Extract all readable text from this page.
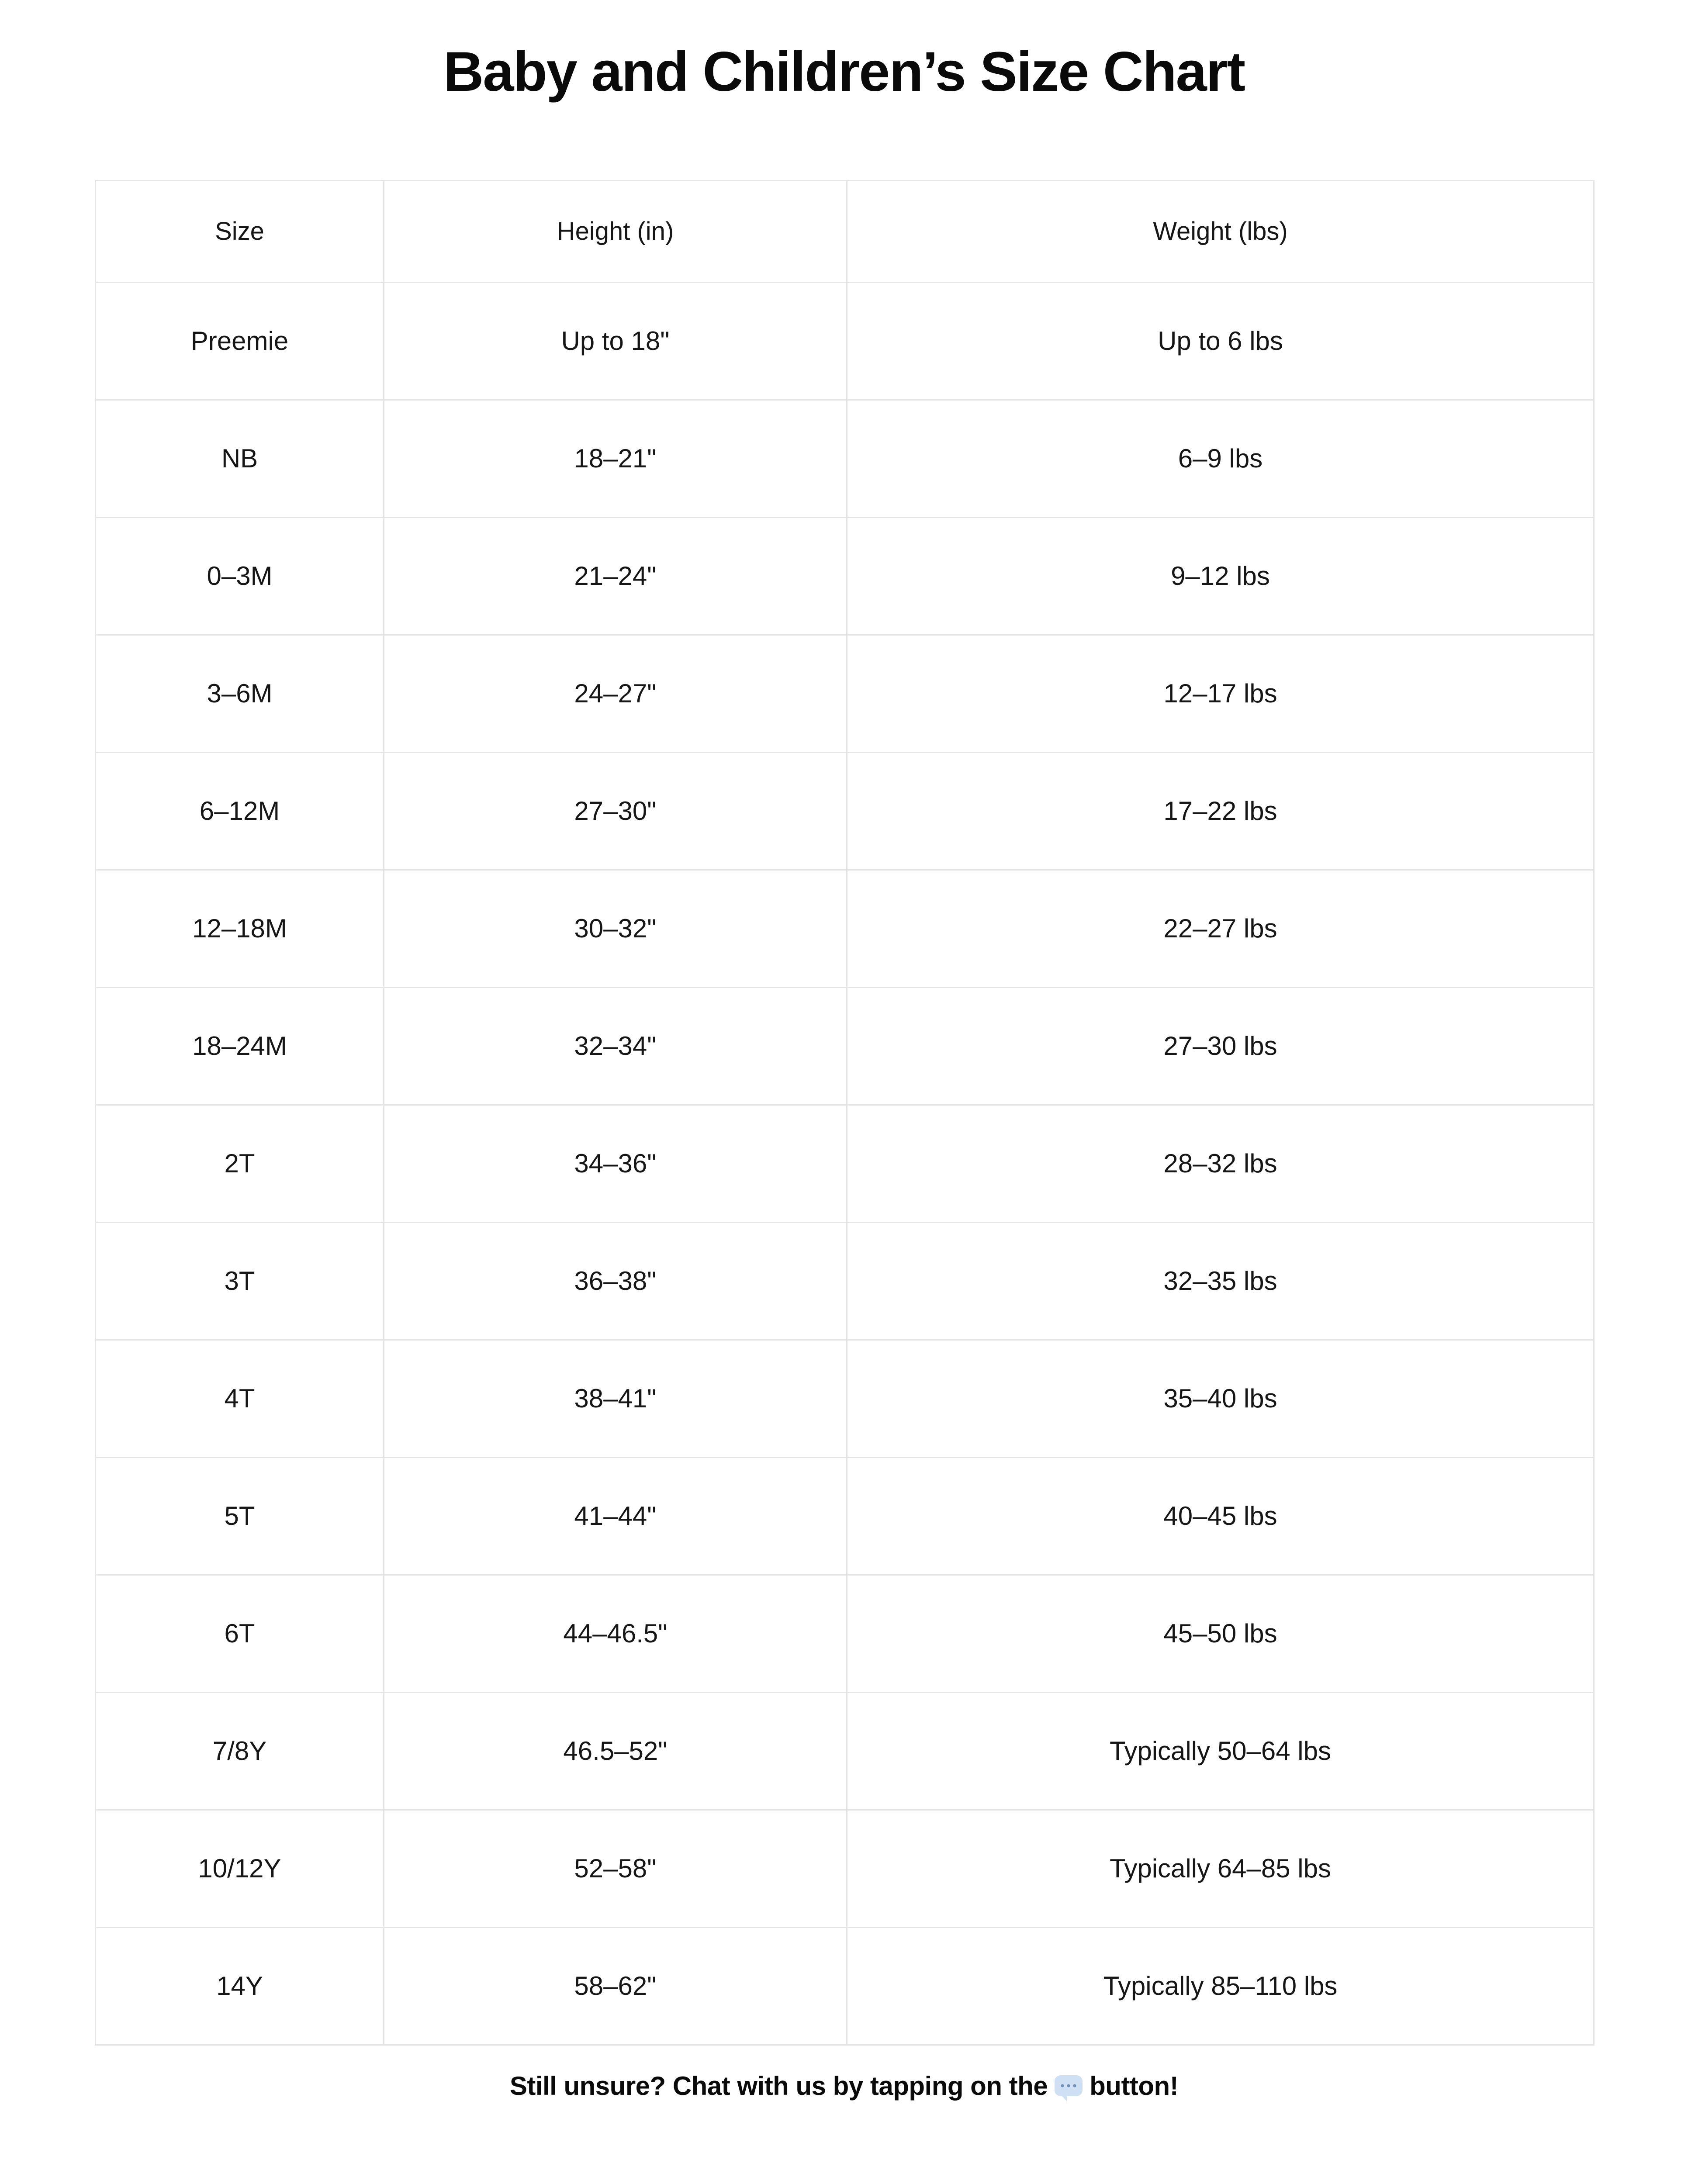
Baby and Children’s Size Chart
Size	Height (in)	Weight (lbs)
Preemie	Up to 18"	Up to 6 lbs
NB	18–21"	6–9 lbs
0–3M	21–24"	9–12 lbs
3–6M	24–27"	12–17 lbs
6–12M	27–30"	17–22 lbs
12–18M	30–32"	22–27 lbs
18–24M	32–34"	27–30 lbs
2T	34–36"	28–32 lbs
3T	36–38"	32–35 lbs
4T	38–41"	35–40 lbs
5T	41–44"	40–45 lbs
6T	44–46.5"	45–50 lbs
7/8Y	46.5–52"	Typically 50–64 lbs
10/12Y	52–58"	Typically 64–85 lbs
14Y	58–62"	Typically 85–110 lbs
Still unsure? Chat with us by tapping on the button!
